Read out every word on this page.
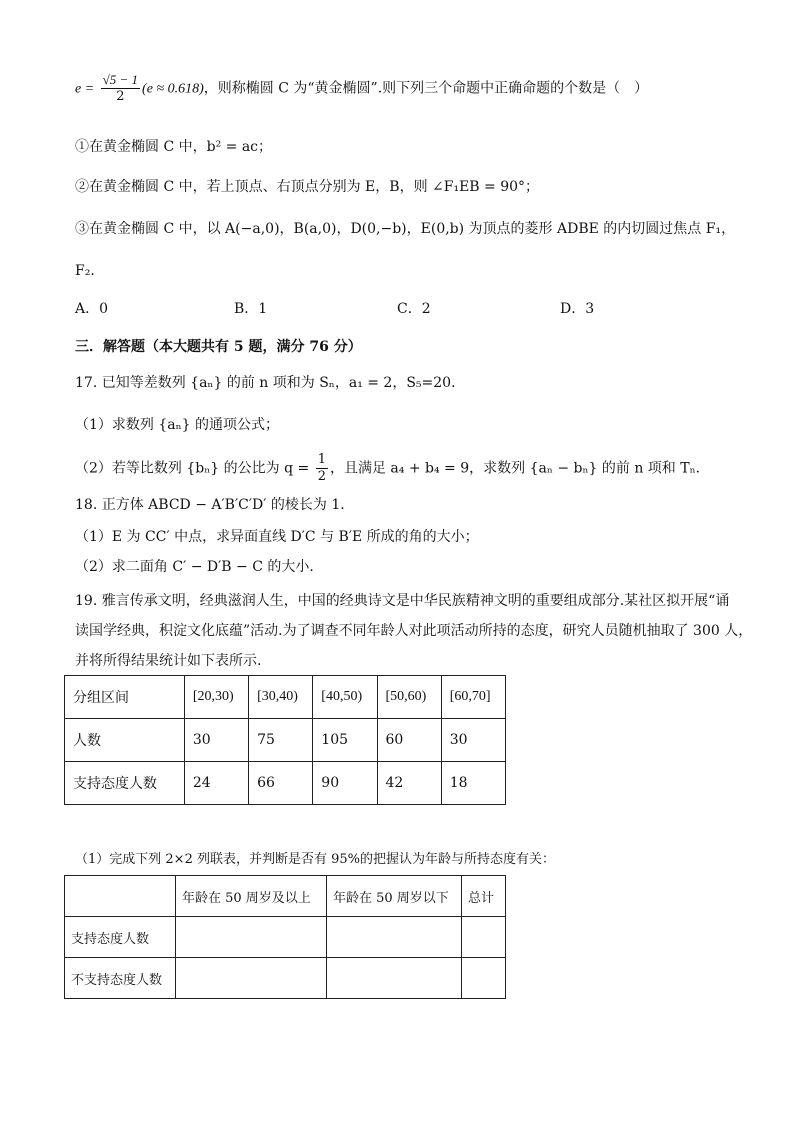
$e = \frac{√5 - 1}{2} (e \approx 0.618)$，则称椭圆 C 为“黄金椭圆”.则下列三个命题中正确命题的个数是（　）
①在黄金椭圆 C 中，b² = ac；
②在黄金椭圆 C 中，若上顶点、右顶点分别为 E，B，则 ∠F₁EB = 90°；
③在黄金椭圆 C 中，以 A(−a,0)，B(a,0)，D(0,−b)，E(0,b) 为顶点的菱形 ADBE 的内切圆过焦点 F₁，
F₂．
A．0	B．1	C．2	D．3
三．解答题（本大题共有 5 题，满分 76 分）
17. 已知等差数列 {aₙ} 的前 n 项和为 Sₙ，a₁ = 2，S₅=20．
（1）求数列 {aₙ} 的通项公式；
（2）若等比数列 {bₙ} 的公比为 $q = \frac{1}{2}$ ，且满足 a₄ + b₄ = 9，求数列 {aₙ − bₙ} 的前 n 项和 Tₙ．
18. 正方体 ABCD − A′B′C′D′ 的棱长为 1.
（1）E 为 CC′ 中点，求异面直线 D′C 与 B′E 所成的角的大小；
（2）求二面角 C′ − D′B − C 的大小.
19. 雅言传承文明，经典滋润人生，中国的经典诗文是中华民族精神文明的重要组成部分.某社区拟开展“诵
读国学经典，积淀文化底蕴”活动.为了调查不同年龄人对此项活动所持的态度，研究人员随机抽取了 300 人，
并将所得结果统计如下表所示.
分组区间	[20,30)	[30,40)	[40,50)	[50,60)	[60,70]
人数	30	75	105	60	30
支持态度人数	24	66	90	42	18
（1）完成下列 2×2 列联表，并判断是否有 95%的把握认为年龄与所持态度有关：
	年龄在 50 周岁及以上	年龄在 50 周岁以下	总计
支持态度人数			
不支持态度人数			
